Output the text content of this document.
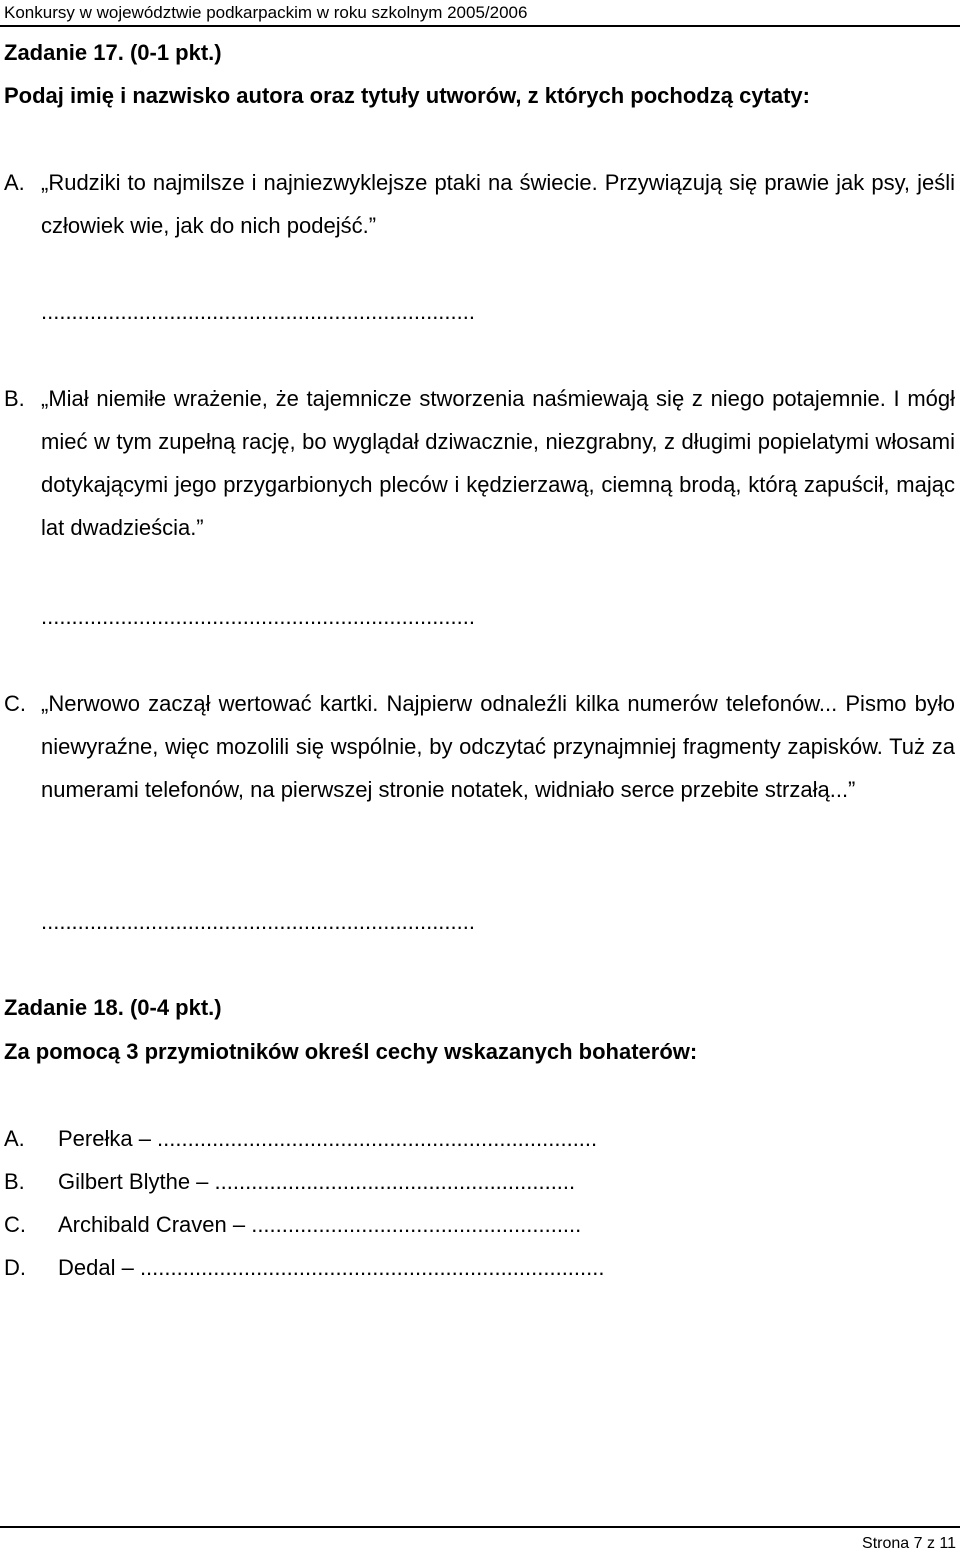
Konkursy w województwie podkarpackim w roku szkolnym 2005/2006
Zadanie 17. (0-1 pkt.)
Podaj imię i nazwisko autora oraz tytuły utworów, z których pochodzą cytaty:
A. „Rudziki to najmilsze i najniezwyklejsze ptaki na świecie. Przywiązują się prawie jak psy, jeśli człowiek wie, jak do nich podejść.”
.......................................................................
B. „Miał niemiłe wrażenie, że tajemnicze stworzenia naśmiewają się z niego potajemnie. I mógł mieć w tym zupełną rację, bo wyglądał dziwacznie, niezgrabny, z długimi popielatymi włosami dotykającymi jego przygarbionych pleców i kędzierzawą, ciemną brodą, którą zapuścił, mając lat dwadzieścia.”
.......................................................................
C. „Nerwowo zaczął wertować kartki. Najpierw odnaleźli kilka numerów telefonów... Pismo było niewyraźne, więc mozolili się wspólnie, by odczytać przynajmniej fragmenty zapisków. Tuż za numerami telefonów, na pierwszej stronie notatek, widniało serce przebite strzałą...”
.......................................................................
Zadanie 18. (0-4 pkt.)
Za pomocą 3 przymiotników określ cechy wskazanych bohaterów:
A. Perełka – ........................................................................
B. Gilbert Blythe – ...........................................................
C. Archibald Craven – ......................................................
D. Dedal – ............................................................................
Strona 7 z 11
